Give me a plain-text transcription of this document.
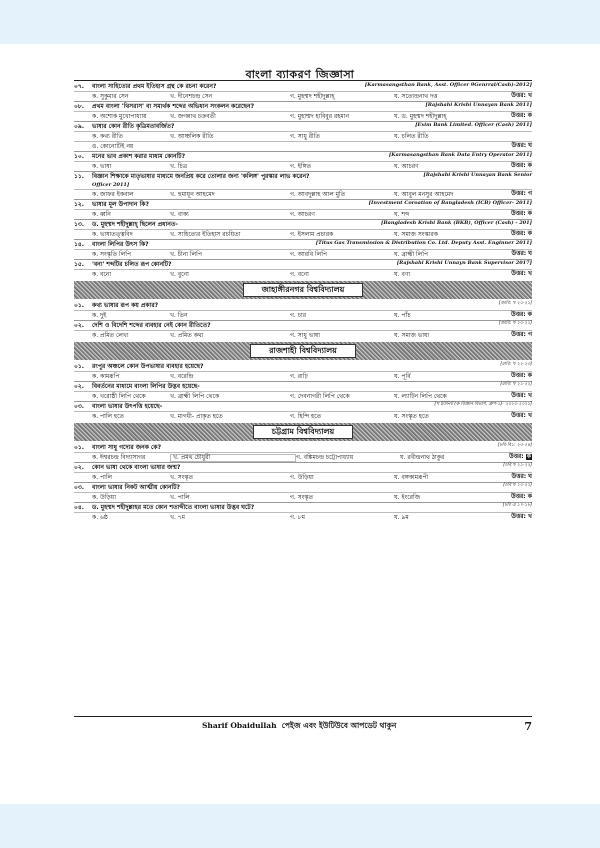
বাংলা ব্যাকরণ জিজ্ঞাসা
০৭.	বাংলা সাহিত্যের প্রথম ইতিহাস গ্রন্থ কে রচনা করেন?	[Karmasangsthan Bank, Asst. Officer 9Genrral/Cash)-2012]
ক. সুকুমার সেন	খ. দীনেশচন্দ্র সেন	গ. মুহম্মদ শহীদুল্লাহ্‌	ঘ. সত্যেন্দ্রনাথ দত্ত	উত্তর: খ
০৮.	প্রথম বাংলা 'থিসরাস' বা সমার্থক শব্দের অভিধান সংকলন করেছেন?	[Rajshahi Krishi Unnayan Bank 2011]
ক. অশোক মুখোপাধ্যায়	খ. জগন্নাথ চক্রবর্তী	গ. মুহাম্মদ হাবিবুর রহমান	ঘ. ড. মুহম্মদ শহীদুল্লাহ্‌	উত্তর: ক
০৯.	ভাষার কোন রীতি কৃত্রিমতাবর্জিত?	[Exim Bank Limited. Officer (Cash) 2011]
ক. কথ্য রীতি	খ. আঞ্চলিক রীতি	গ. সাধু রীতি	ঘ. চলিত রীতি
ঙ. কোনোটিই নয়	উত্তর: ঘ
১০.	মনের ভাব প্রকাশ করার মাধ্যম কোনটি?	[Karmasangsthan Bank Data Entry Operator 2011]
ক. ভাষা	খ. চিত্র	গ. ইঙ্গিত	ঘ. আচরণ	উত্তর: ক
১১.	বিজ্ঞান শিক্ষাকে মাতৃভাষার মাধ্যমে জনপ্রিয় করে তোলার জন্য 'কলিঙ্গ' পুরস্কার লাভ করেন?	[Rajshahi Krishi Unnayan Bank Senior
Officer 2011]
ক. জাফর ইকবাল	খ. হুমায়ূন আহমেদ	গ. আবদুল্লাহ আল মুতি	ঘ. আবুল মনসুর আহমেদ	উত্তর: গ
১২.	ভাষার মূল উপাদান কি?	[Investment Coroation of Bangladesh (ICB) Officer- 2011]
ক. ধ্বনি	খ. বাক্য	গ. আচরণ	ঘ. শব্দ	উত্তর: ক
১৩.	ড. মুহম্মদ শহীদুল্লাহ্‌ ছিলেন প্রধানত-	[Bangladesh Krishi Bank (BKB), Officer (Cash) - 201]
ক. ভাষাতত্ত্ববিদ	খ. সাহিত্যের ইতিহাস রচয়িতা	গ. ইসলাম প্রচারক	ঘ. সমাজ সংস্কারক	উত্তর: ক
১৪.	বাংলা লিপির উৎস কি?	[Titus Gas Transmission & Distribution Co. Ltd. Deputy Asst. Enginner 2011]
ক. সংস্কৃতি লিপি	খ. চীনা লিপি	গ. আরবি লিপি	ঘ. ব্রাহ্মী লিপি	উত্তর: ঘ
১৫.	'বন্য' শব্দটির চলিত রূপ কোনটি?	[Rajshahi Krishi Unnayn Bank Supervisor 2017]
ক. বনো	খ. বুনো	গ. বনো	ঘ. বণ্য	উত্তর: খ
জাহাঙ্গীরনগর বিশ্ববিদ্যালয়
০১.	কথ্য ভাষার রূপ কয় প্রকার?	[জাবি: খ ২০-২১]
ক. দুই	খ. তিন	গ. চার	ঘ. পাঁচ	উত্তর: ক
০২.	দেশি ও বিদেশি শব্দের ব্যবহার নেই কোন রীতিতে?	[জাবি: খ ২০-২১]
ক. প্রমিত লেখ্য	খ. প্রমিত কথ্য	গ. সাধু ভাষা	ঘ. সমাজ ভাষা	উত্তর: গ
রাজশাহী বিশ্ববিদ্যালয়
০১.	রংপুর অঞ্চলে কোন উপভাষার ব্যবহার হয়েছে?	[রাবি: খ ২২-২৩]
ক. কামরূপি	খ. বরেন্দ্রি	গ. রাঢ়ি	ঘ. পূর্বি	উত্তর: ক
০২.	বিবর্তনের মাধ্যমে বাংলা লিপির উদ্ভব হয়েছে-	[রাবি: খ ২১-২২]
ক. খরোষ্ঠী লিপি থেকে	খ. ব্রাহ্মী লিপি থেকে	গ. দেবনাগরী লিপি থেকে	ঘ. ল্যাটিন লিপি থেকে	উত্তর: খ
০৩.	বাংলা ভাষার উৎপত্তি হয়েছে-	[খ ইউনিট (ক-বিজ্ঞান বিভাগ, গ্রুপ-১)- ২০২০-২০২১]
ক. পালি হতে	খ. মাগধী- প্রাকৃত হতে	গ. হিন্দি হতে	ঘ. সংস্কৃত হতে	উত্তর: খ
চট্টগ্রাম বিশ্ববিদ্যালয়
০১.	বাংলা সাধু গদ্যের জনক কে?	[চবি-বি১: ২৩-২৪]
ক. ঈশ্বরচন্দ্র বিদ্যাসাগর	খ. প্রমথ চৌধুরী	গ. বঙ্কিমচন্দ্র চট্টোপাধ্যায়	ঘ. রবীন্দ্রনাথ ঠাকুর	উত্তর: ক
০২.	কোন ভাষা থেকে বাংলা ভাষার জন্ম?	[চবি খ ২১-২২]
ক. পালি	খ. সংস্কৃত	গ. উড়িয়া	ঘ. বঙ্গকামরূপী	উত্তর: ঘ
০৩.	বাংলা ভাষার নিকট আত্মীয় কোনটি?	[চবি খ ২০-২১]
ক. উড়িয়া	খ. পালি	গ. সংস্কৃত	ঘ. ইংরেজি	উত্তর: ক
০৪.	ড. মুহম্মদ শহীদুল্লাহর মতে কোন শতাব্দীতে বাংলা ভাষার উদ্ভব ঘটে?	[চবি এ ১৭-১৮]
ক. ৬ষ্ঠ	খ. ৭ম	গ. ৮ম	ঘ. ৯ম	উত্তর: খ
Sharif Obaidullah পেইজ এবং ইউটিউবে আপডেট থাকুন	7
